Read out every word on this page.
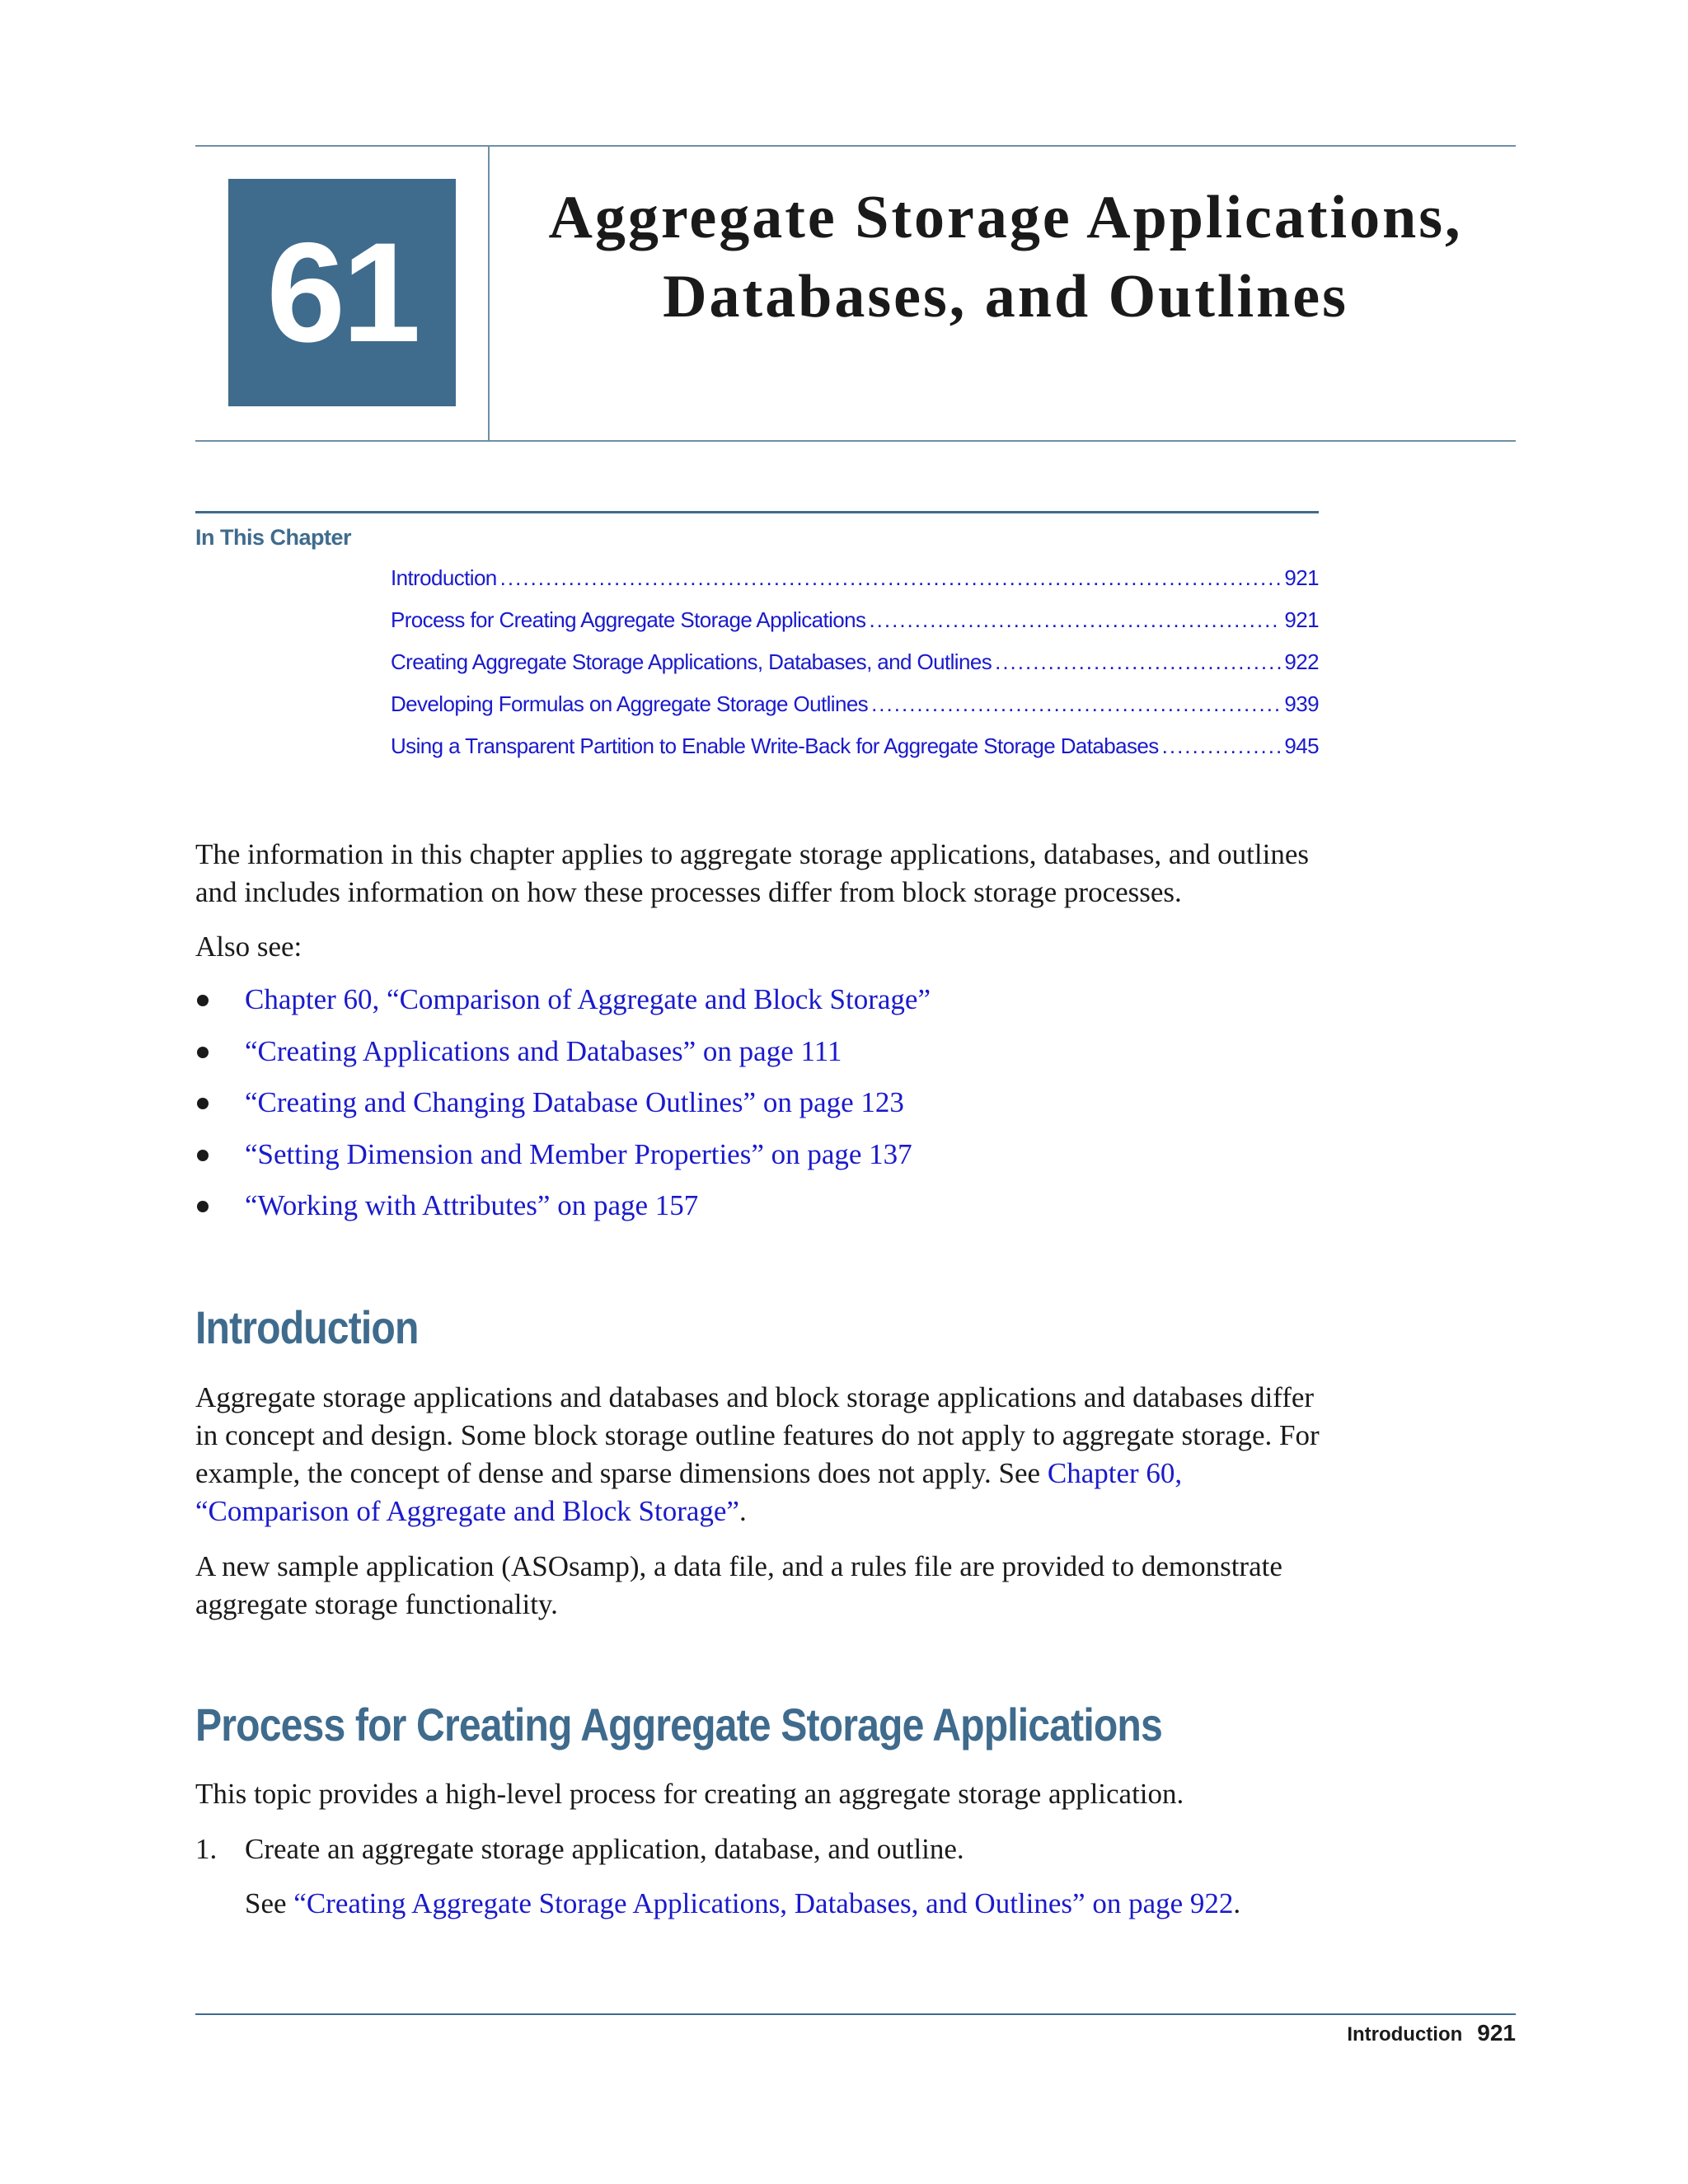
61	Aggregate Storage Applications,
Databases, and Outlines
In This Chapter
Introduction .....	921
Process for Creating Aggregate Storage Applications .....	921
Creating Aggregate Storage Applications, Databases, and Outlines .....	922
Developing Formulas on Aggregate Storage Outlines .....	939
Using a Transparent Partition to Enable Write-Back for Aggregate Storage Databases .....	945

The information in this chapter applies to aggregate storage applications, databases, and outlines and includes information on how these processes differ from block storage processes.

Also see:

Chapter 60, “Comparison of Aggregate and Block Storage”
“Creating Applications and Databases” on page 111
“Creating and Changing Database Outlines” on page 123
“Setting Dimension and Member Properties” on page 137
“Working with Attributes” on page 157
Introduction

Aggregate storage applications and databases and block storage applications and databases differ in concept and design. Some block storage outline features do not apply to aggregate storage. For example, the concept of dense and sparse dimensions does not apply. See Chapter 60, “Comparison of Aggregate and Block Storage”.

A new sample application (ASOsamp), a data file, and a rules file are provided to demonstrate aggregate storage functionality.

Process for Creating Aggregate Storage Applications

This topic provides a high-level process for creating an aggregate storage application.

1. Create an aggregate storage application, database, and outline.
See “Creating Aggregate Storage Applications, Databases, and Outlines” on page 922.
Introduction 921
